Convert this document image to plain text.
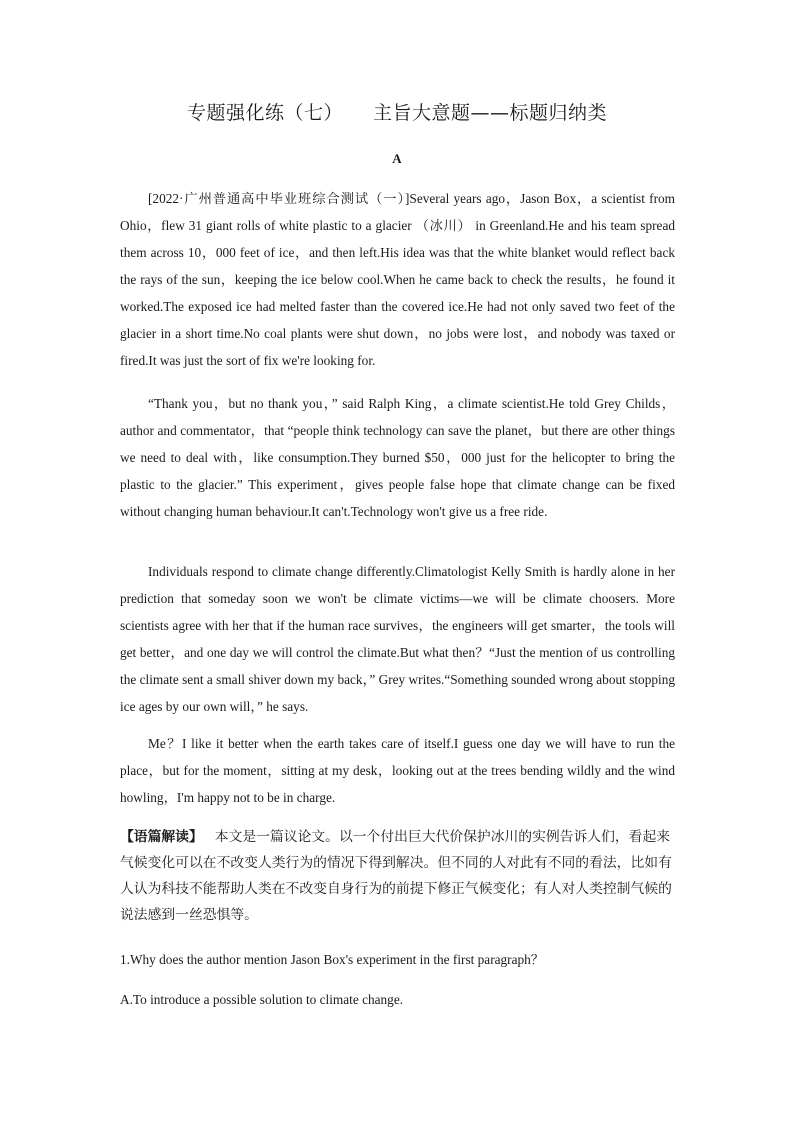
专题强化练（七） 主旨大意题——标题归纳类
A

[2022·广州普通高中毕业班综合测试（一）]Several years ago，Jason Box，a scientist from Ohio，flew 31 giant rolls of white plastic to a glacier （冰川） in Greenland.He and his team spread them across 10，000 feet of ice，and then left.His idea was that the white blanket would reflect back the rays of the sun，keeping the ice below cool.When he came back to check the results，he found it worked.The exposed ice had melted faster than the covered ice.He had not only saved two feet of the glacier in a short time.No coal plants were shut down，no jobs were lost，and nobody was taxed or fired.It was just the sort of fix we're looking for.

“Thank you，but no thank you，” said Ralph King，a climate scientist.He told Grey Childs，author and commentator，that “people think technology can save the planet，but there are other things we need to deal with，like consumption.They burned $50，000 just for the helicopter to bring the plastic to the glacier.” This experiment，gives people false hope that climate change can be fixed without changing human behaviour.It can't.Technology won't give us a free ride.

Individuals respond to climate change differently.Climatologist Kelly Smith is hardly alone in her prediction that someday soon we won't be climate victims—we will be climate choosers. More scientists agree with her that if the human race survives，the engineers will get smarter，the tools will get better，and one day we will control the climate.But what then？“Just the mention of us controlling the climate sent a small shiver down my back，” Grey writes.“Something sounded wrong about stopping ice ages by our own will，” he says.

Me？I like it better when the earth takes care of itself.I guess one day we will have to run the place，but for the moment，sitting at my desk，looking out at the trees bending wildly and the wind howling，I'm happy not to be in charge.

【语篇解读】 本文是一篇议论文。以一个付出巨大代价保护冰川的实例告诉人们，看起来气候变化可以在不改变人类行为的情况下得到解决。但不同的人对此有不同的看法，比如有人认为科技不能帮助人类在不改变自身行为的前提下修正气候变化；有人对人类控制气候的说法感到一丝恐惧等。

1.Why does the author mention Jason Box's experiment in the first paragraph？

A.To introduce a possible solution to climate change.
